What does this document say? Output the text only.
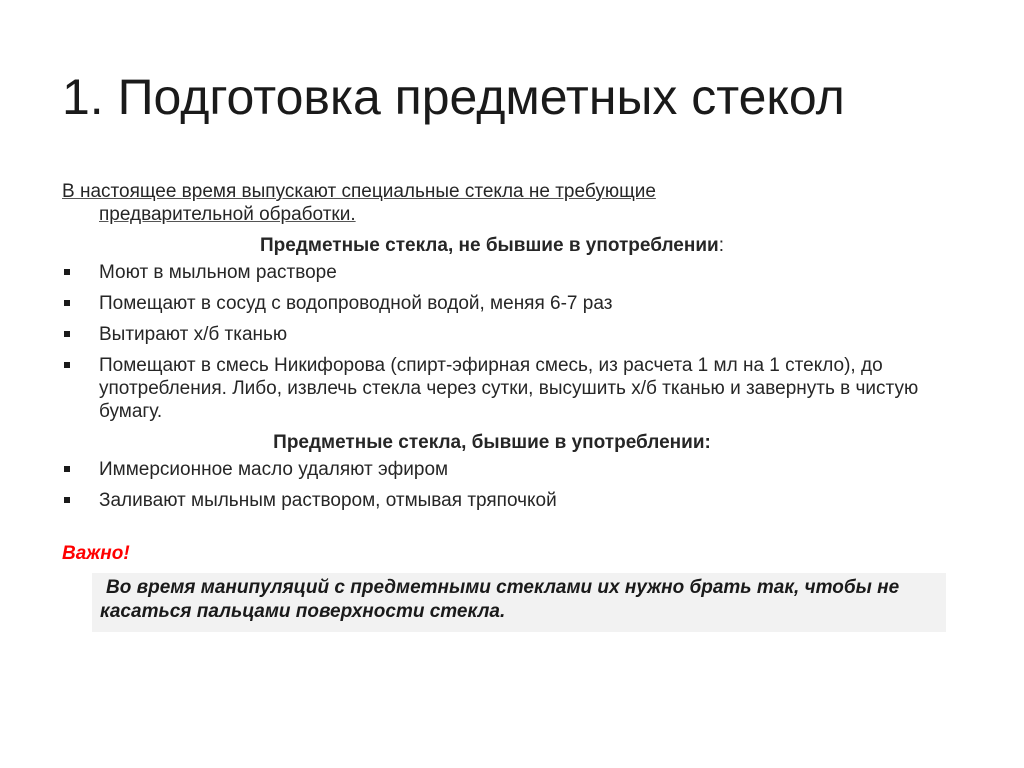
1. Подготовка предметных стекол

В настоящее время выпускают специальные стекла не требующие
предварительной обработки.

Предметные стекла, не бывшие в употреблении:
Моют в мыльном растворе
Помещают в сосуд с водопроводной водой, меняя 6-7 раз
Вытирают х/б тканью
Помещают в смесь Никифорова (спирт-эфирная смесь, из расчета 1 мл на 1 стекло), до употребления. Либо, извлечь стекла через сутки, высушить х/б тканью и завернуть в чистую бумагу.
Предметные стекла, бывшие в употреблении:
Иммерсионное масло удаляют эфиром
Заливают мыльным раствором, отмывая тряпочкой
Важно!
Во время манипуляций с предметными стеклами их нужно брать так, чтобы не касаться пальцами поверхности стекла.
